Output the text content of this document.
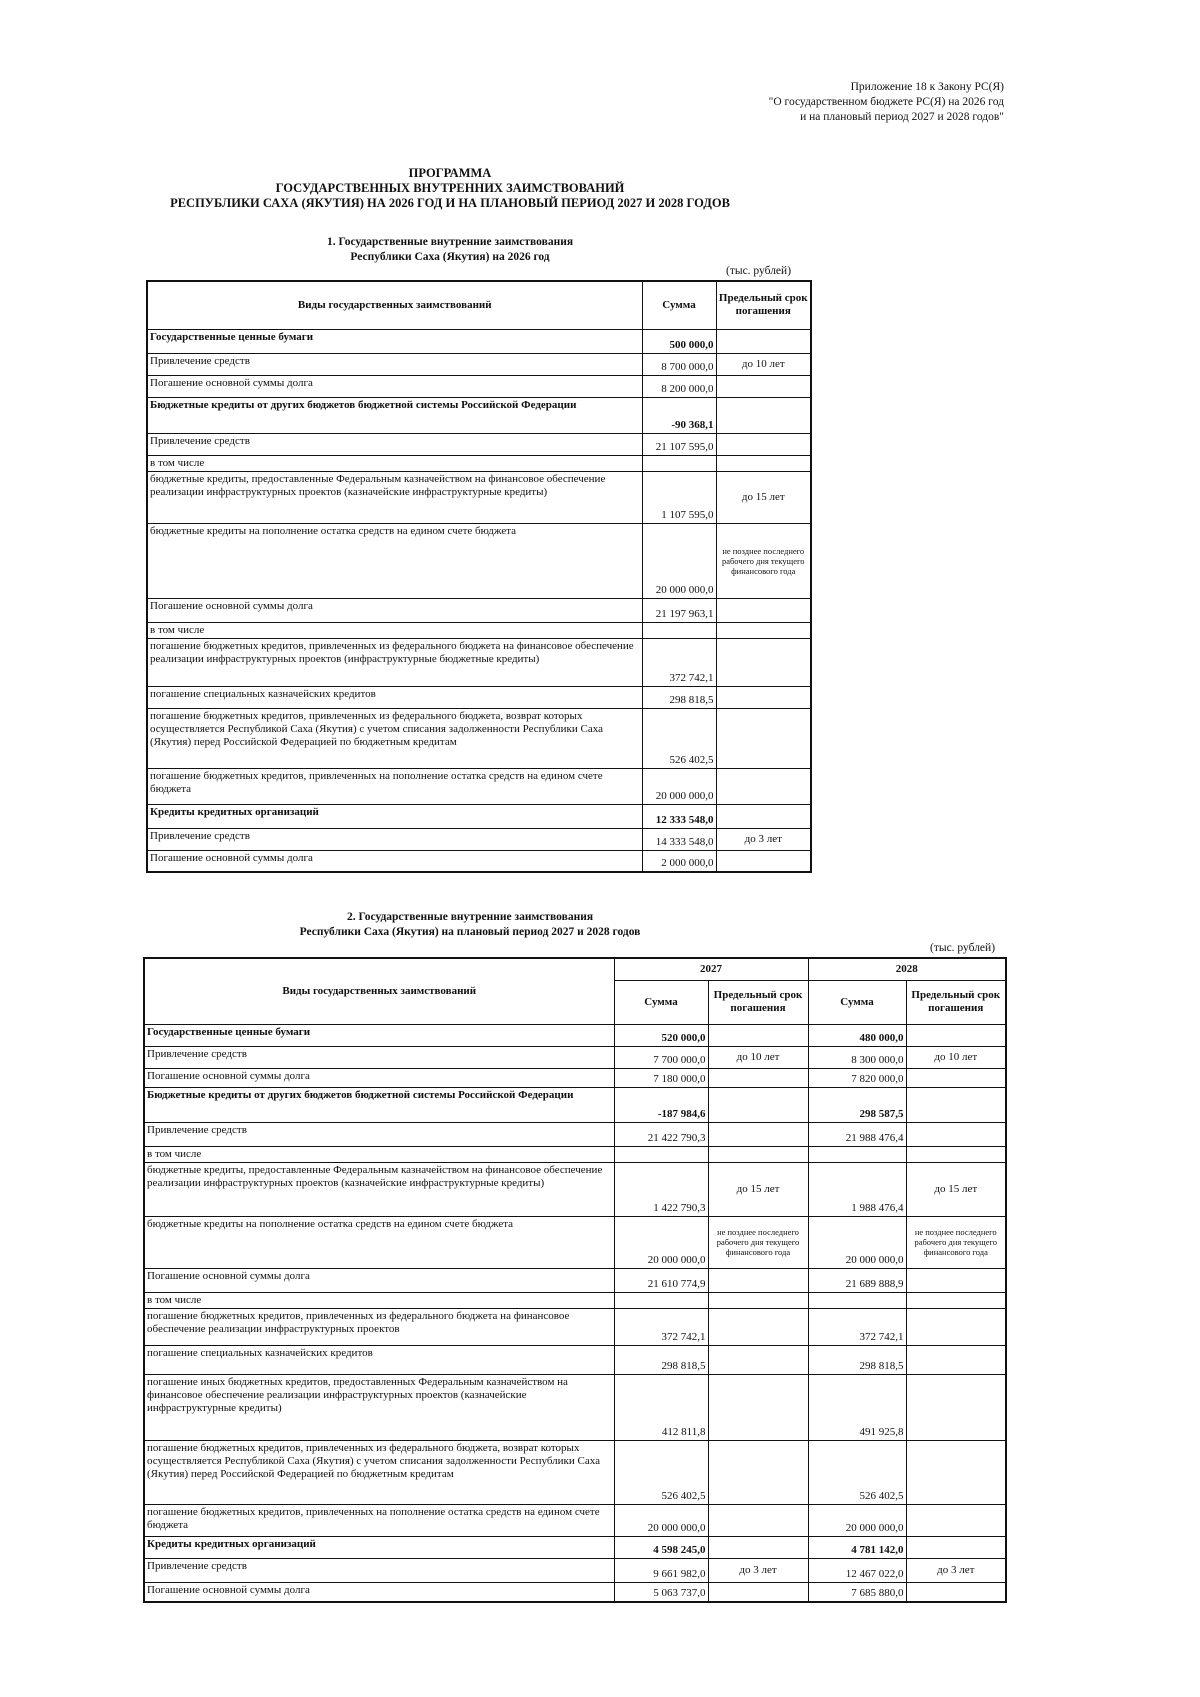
Приложение 18 к Закону РС(Я)
"О государственном бюджете РС(Я) на 2026 год
и на плановый период 2027 и 2028 годов"
ПРОГРАММА
ГОСУДАРСТВЕННЫХ ВНУТРЕННИХ ЗАИМСТВОВАНИЙ
РЕСПУБЛИКИ САХА (ЯКУТИЯ) НА 2026 ГОД И НА ПЛАНОВЫЙ ПЕРИОД 2027 И 2028 ГОДОВ
1. Государственные внутренние заимствования
Республики Саха (Якутия) на 2026 год
(тыс. рублей)
Виды государственных заимствований	Сумма	Предельный срок погашения
Государственные ценные бумаги	500 000,0	
Привлечение средств	8 700 000,0	до 10 лет
Погашение основной суммы долга	8 200 000,0	
Бюджетные кредиты от других бюджетов бюджетной системы Российской Федерации	-90 368,1	
Привлечение средств	21 107 595,0	
в том числе		
бюджетные кредиты, предоставленные Федеральным казначейством на финансовое обеспечение реализации инфраструктурных проектов (казначейские инфраструктурные кредиты)	1 107 595,0	до 15 лет
бюджетные кредиты на пополнение остатка средств на едином счете бюджета	20 000 000,0	не позднее последнего рабочего дня текущего финансового года
Погашение основной суммы долга	21 197 963,1	
в том числе		
погашение бюджетных кредитов, привлеченных из федерального бюджета на финансовое обеспечение реализации инфраструктурных проектов (инфраструктурные бюджетные кредиты)	372 742,1	
погашение специальных казначейских кредитов	298 818,5	
погашение бюджетных кредитов, привлеченных из федерального бюджета, возврат которых осуществляется Республикой Саха (Якутия) с учетом списания задолженности Республики Саха (Якутия) перед Российской Федерацией по бюджетным кредитам	526 402,5	
погашение бюджетных кредитов, привлеченных на пополнение остатка средств на едином счете бюджета	20 000 000,0	
Кредиты кредитных организаций	12 333 548,0	
Привлечение средств	14 333 548,0	до 3 лет
Погашение основной суммы долга	2 000 000,0	
2. Государственные внутренние заимствования
Республики Саха (Якутия) на плановый период 2027 и 2028 годов
(тыс. рублей)
Виды государственных заимствований	2027		2028	
	Сумма	Предельный срок погашения	Сумма	Предельный срок погашения
Государственные ценные бумаги	520 000,0		480 000,0	
Привлечение средств	7 700 000,0	до 10 лет	8 300 000,0	до 10 лет
Погашение основной суммы долга	7 180 000,0		7 820 000,0	
Бюджетные кредиты от других бюджетов бюджетной системы Российской Федерации	-187 984,6		298 587,5	
Привлечение средств	21 422 790,3		21 988 476,4	
в том числе				
бюджетные кредиты, предоставленные Федеральным казначейством на финансовое обеспечение реализации инфраструктурных проектов (казначейские инфраструктурные кредиты)	1 422 790,3	до 15 лет	1 988 476,4	до 15 лет
бюджетные кредиты на пополнение остатка средств на едином счете бюджета	20 000 000,0	не позднее последнего рабочего дня текущего финансового года	20 000 000,0	не позднее последнего рабочего дня текущего финансового года
Погашение основной суммы долга	21 610 774,9		21 689 888,9	
в том числе				
погашение бюджетных кредитов, привлеченных из федерального бюджета на финансовое обеспечение реализации инфраструктурных проектов	372 742,1		372 742,1	
погашение специальных казначейских кредитов	298 818,5		298 818,5	
погашение иных бюджетных кредитов, предоставленных Федеральным казначейством на финансовое обеспечение реализации инфраструктурных проектов (казначейские инфраструктурные кредиты)	412 811,8		491 925,8	
погашение бюджетных кредитов, привлеченных из федерального бюджета, возврат которых осуществляется Республикой Саха (Якутия) с учетом списания задолженности Республики Саха (Якутия) перед Российской Федерацией по бюджетным кредитам	526 402,5		526 402,5	
погашение бюджетных кредитов, привлеченных на пополнение остатка средств на едином счете бюджета	20 000 000,0		20 000 000,0	
Кредиты кредитных организаций	4 598 245,0		4 781 142,0	
Привлечение средств	9 661 982,0	до 3 лет	12 467 022,0	до 3 лет
Погашение основной суммы долга	5 063 737,0		7 685 880,0	
